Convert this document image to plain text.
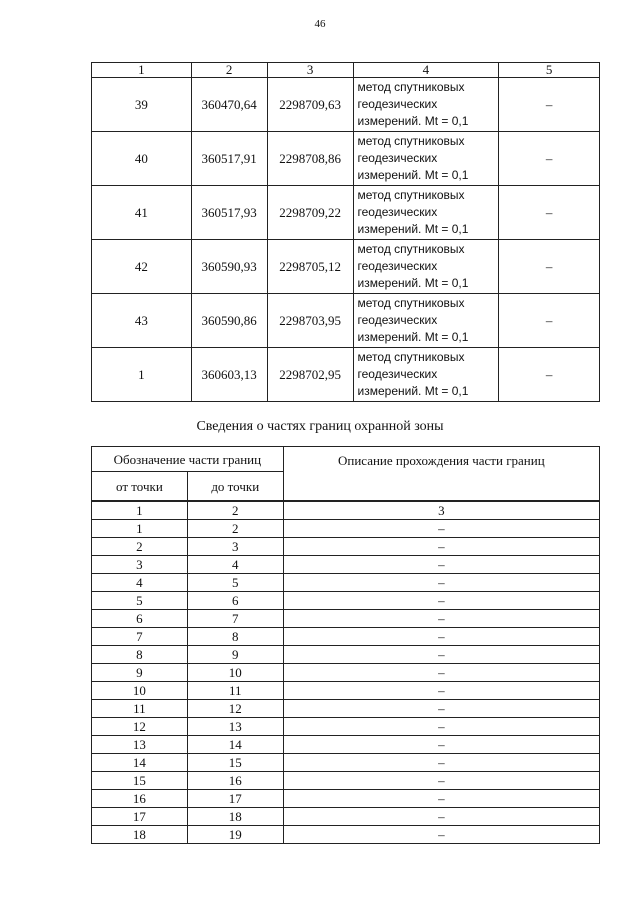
46
1	2	3	4	5
39	360470,64	2298709,63	метод спутниковых
геодезических
измерений. Mt = 0,1	–
40	360517,91	2298708,86	метод спутниковых
геодезических
измерений. Mt = 0,1	–
41	360517,93	2298709,22	метод спутниковых
геодезических
измерений. Mt = 0,1	–
42	360590,93	2298705,12	метод спутниковых
геодезических
измерений. Mt = 0,1	–
43	360590,86	2298703,95	метод спутниковых
геодезических
измерений. Mt = 0,1	–
1	360603,13	2298702,95	метод спутниковых
геодезических
измерений. Mt = 0,1	–
Сведения о частях границ охранной зоны
Обозначение части границ		Описание прохождения части границ
от точки	до точки	
1	2	3
1	2	–
2	3	–
3	4	–
4	5	–
5	6	–
6	7	–
7	8	–
8	9	–
9	10	–
10	11	–
11	12	–
12	13	–
13	14	–
14	15	–
15	16	–
16	17	–
17	18	–
18	19	–
